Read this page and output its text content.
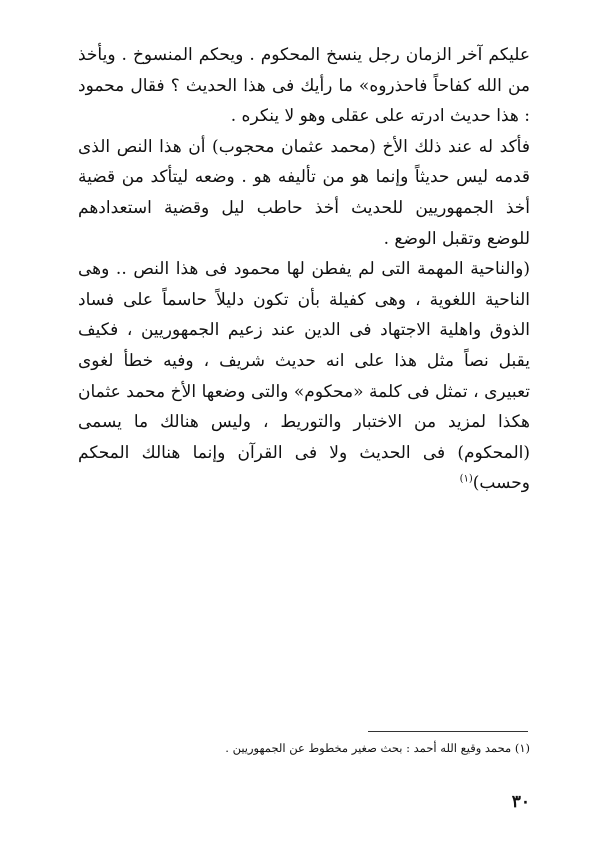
عليكم آخر الزمان رجل ينسخ المحكوم . ويحكم المنسوخ . ويأخذ من الله كفاحاً فاحذروه» ما رأيك فى هذا الحديث ؟ فقال محمود : هذا حديث ادرته على عقلى وهو لا ينكره .

فأكد له عند ذلك الأخ (محمد عثمان محجوب) أن هذا النص الذى قدمه ليس حديثاً وإنما هو من تأليفه هو . وضعه ليتأكد من قضية أخذ الجمهوريين للحديث أخذ حاطب ليل وقضية استعدادهم للوضع وتقبل الوضع .

(والناحية المهمة التى لم يفطن لها محمود فى هذا النص .. وهى الناحية اللغوية ، وهى كفيلة بأن تكون دليلاً حاسماً على فساد الذوق واهلية الاجتهاد فى الدين عند زعيم الجمهوريين ، فكيف يقبل نصاً مثل هذا على انه حديث شريف ، وفيه خطأ لغوى تعبيرى ، تمثل فى كلمة «محكوم» والتى وضعها الأخ محمد عثمان هكذا لمزيد من الاختبار والتوريط ، وليس هنالك ما يسمى (المحكوم) فى الحديث ولا فى القرآن وإنما هنالك المحكم وحسب)$^{(١)}$

(١) محمد وقيع الله أحمد : بحث صغير مخطوط عن الجمهوريين .
٣٠
